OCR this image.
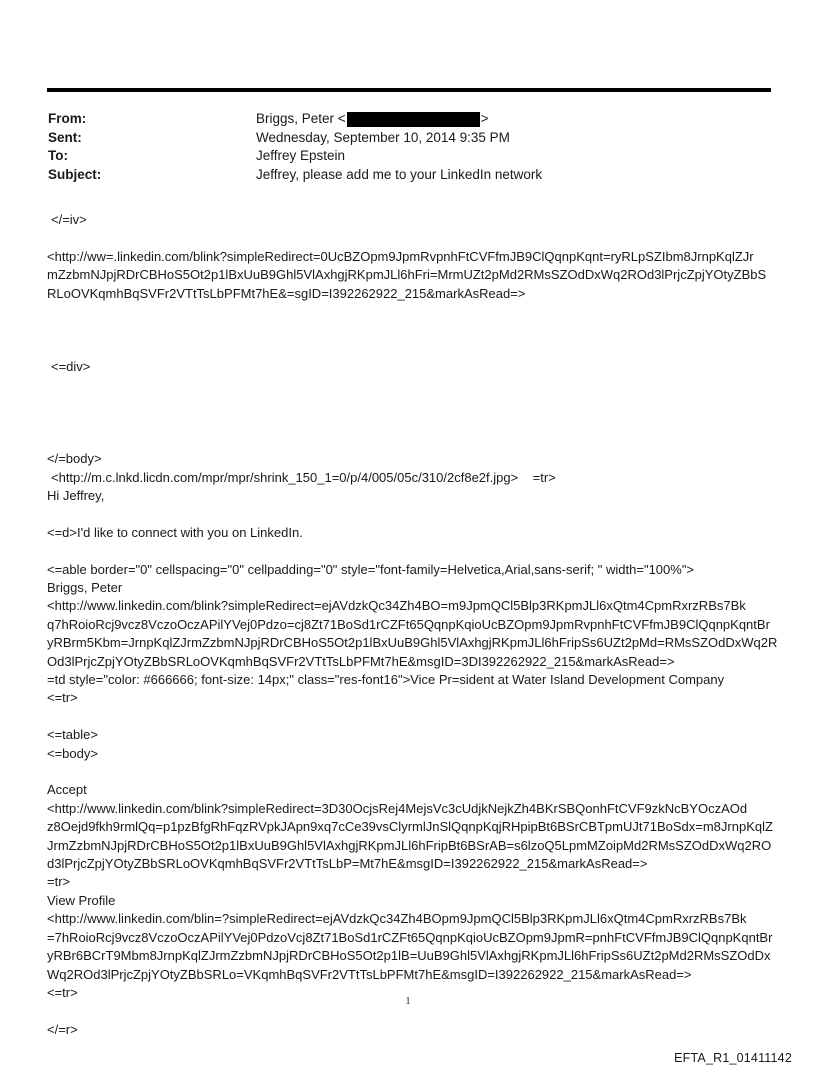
From:	Briggs, Peter <	>
Sent:	Wednesday, September 10, 2014 9:35 PM
To:	Jeffrey Epstein
Subject:	Jeffrey, please add me to your LinkedIn network
</=iv>
<http://ww=.linkedin.com/blink?simpleRedirect=0UcBZOpm9JpmRvpnhFtCVFfmJB9ClQqnpKqnt=ryRLpSZIbm8JrnpKqlZJr
mZzbmNJpjRDrCBHoS5Ot2p1lBxUuB9Ghl5VlAxhgjRKpmJLl6hFri=MrmUZt2pMd2RMsSZOdDxWq2ROd3lPrjcZpjYOtyZBbS
RLoOVKqmhBqSVFr2VTtTsLbPFMt7hE&=sgID=I392262922_215&markAsRead=>
<=div>
</=body>
<http://m.c.lnkd.licdn.com/mpr/mpr/shrink_150_1=0/p/4/005/05c/310/2cf8e2f.jpg>    =tr>
Hi Jeffrey,
<=d>I'd like to connect with you on LinkedIn.
<=able border="0" cellspacing="0" cellpadding="0" style="font-family=Helvetica,Arial,sans-serif; " width="100%">
Briggs, Peter
<http://www.linkedin.com/blink?simpleRedirect=ejAVdzkQc34Zh4BO=m9JpmQCl5Blp3RKpmJLl6xQtm4CpmRxrzRBs7Bk
q7hRoioRcj9vcz8VczoOczAPilYVej0Pdzo=cj8Zt71BoSd1rCZFt65QqnpKqioUcBZOpm9JpmRvpnhFtCVFfmJB9ClQqnpKqntBr
yRBrm5Kbm=JrnpKqlZJrmZzbmNJpjRDrCBHoS5Ot2p1lBxUuB9Ghl5VlAxhgjRKpmJLl6hFripSs6UZt2pMd=RMsSZOdDxWq2R
Od3lPrjcZpjYOtyZBbSRLoOVKqmhBqSVFr2VTtTsLbPFMt7hE&msgID=3DI392262922_215&markAsRead=>
=td style="color: #666666; font-size: 14px;" class="res-font16">Vice Pr=sident at Water Island Development Company
<=tr>
<=table>
<=body>
Accept
<http://www.linkedin.com/blink?simpleRedirect=3D30OcjsRej4MejsVc3cUdjkNejkZh4BKrSBQonhFtCVF9zkNcBYOczAOd
z8Oejd9fkh9rmlQq=p1pzBfgRhFqzRVpkJApn9xq7cCe39vsClyrmlJnSlQqnpKqjRHpipBt6BSrCBTpmUJt71BoSdx=m8JrnpKqlZ
JrmZzbmNJpjRDrCBHoS5Ot2p1lBxUuB9Ghl5VlAxhgjRKpmJLl6hFripBt6BSrAB=s6lzoQ5LpmMZoipMd2RMsSZOdDxWq2RO
d3lPrjcZpjYOtyZBbSRLoOVKqmhBqSVFr2VTtTsLbP=Mt7hE&msgID=I392262922_215&markAsRead=>
=tr>
View Profile
<http://www.linkedin.com/blin=?simpleRedirect=ejAVdzkQc34Zh4BOpm9JpmQCl5Blp3RKpmJLl6xQtm4CpmRxrzRBs7Bk
=7hRoioRcj9vcz8VczoOczAPilYVej0PdzoVcj8Zt71BoSd1rCZFt65QqnpKqioUcBZOpm9JpmR=pnhFtCVFfmJB9ClQqnpKqntBr
yRBr6BCrT9Mbm8JrnpKqlZJrmZzbmNJpjRDrCBHoS5Ot2p1lB=UuB9Ghl5VlAxhgjRKpmJLl6hFripSs6UZt2pMd2RMsSZOdDx
Wq2ROd3lPrjcZpjYOtyZBbSRLo=VKqmhBqSVFr2VTtTsLbPFMt7hE&msgID=I392262922_215&markAsRead=>
<=tr>
</=r>
1
EFTA_R1_01411142
